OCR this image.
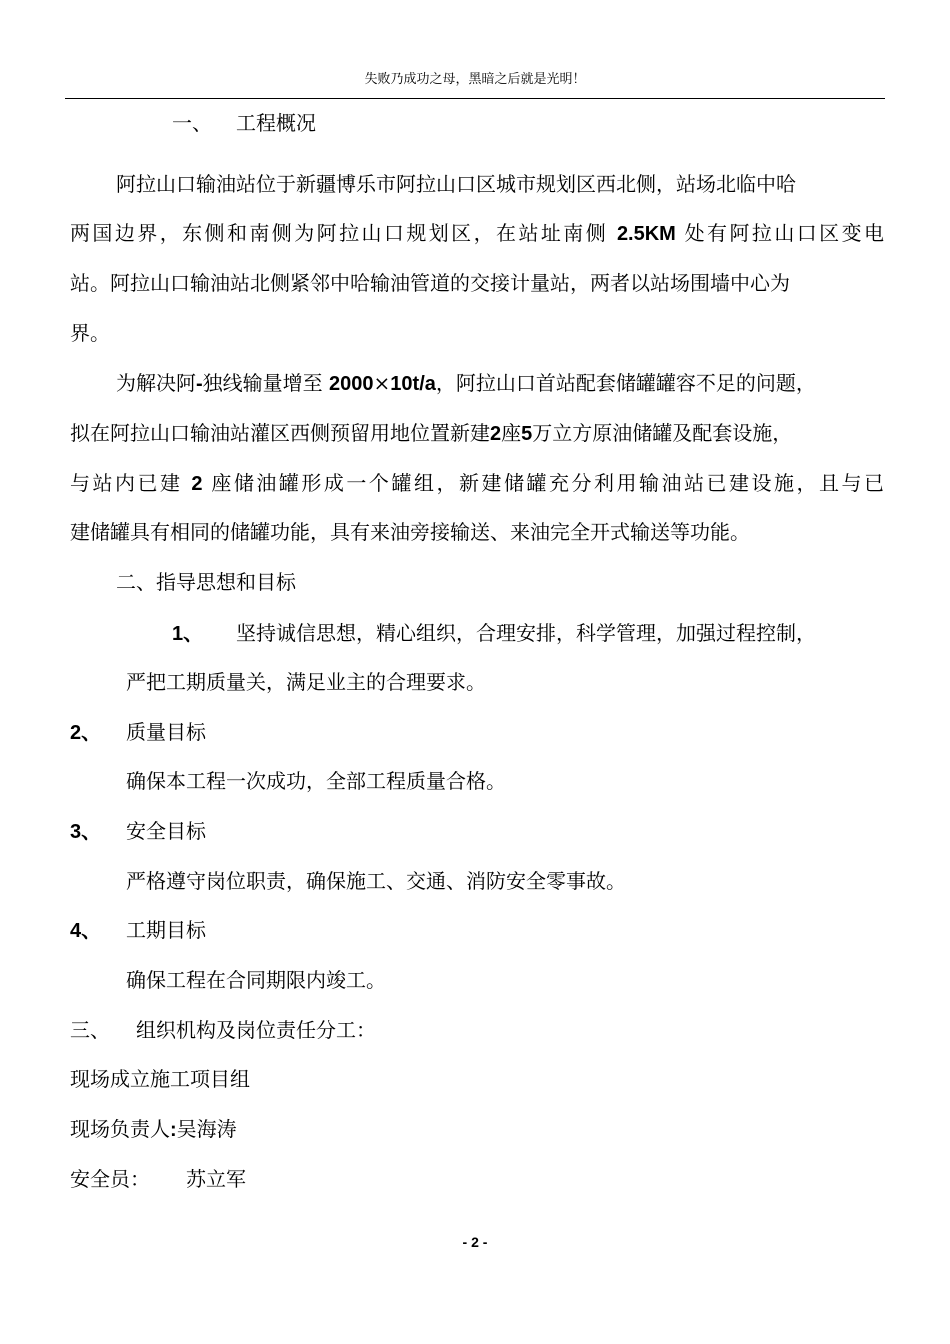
失败乃成功之母，黑暗之后就是光明！
一、 工程概况
阿拉山口输油站位于新疆博乐市阿拉山口区城市规划区西北侧，站场北临中哈
两国边界，东侧和南侧为阿拉山口规划区，在站址南侧 2.5KM 处有阿拉山口区变电
站。阿拉山口输油站北侧紧邻中哈输油管道的交接计量站，两者以站场围墙中心为
界。
为解决阿-独线输量增至 2000×10t/a，阿拉山口首站配套储罐罐容不足的问题，
拟在阿拉山口输油站灌区西侧预留用地位置新建2座5万立方原油储罐及配套设施，
与站内已建 2 座储油罐形成一个罐组，新建储罐充分利用输油站已建设施，且与已
建储罐具有相同的储罐功能，具有来油旁接输送、来油完全开式输送等功能。
二、指导思想和目标
1、 坚持诚信思想，精心组织，合理安排，科学管理，加强过程控制，
严把工期质量关，满足业主的合理要求。
2、 质量目标
确保本工程一次成功，全部工程质量合格。
3、 安全目标
严格遵守岗位职责，确保施工、交通、消防安全零事故。
4、 工期目标
确保工程在合同期限内竣工。
三、 组织机构及岗位责任分工：
现场成立施工项目组
现场负责人:吴海涛
安全员： 苏立军
- 2 -
